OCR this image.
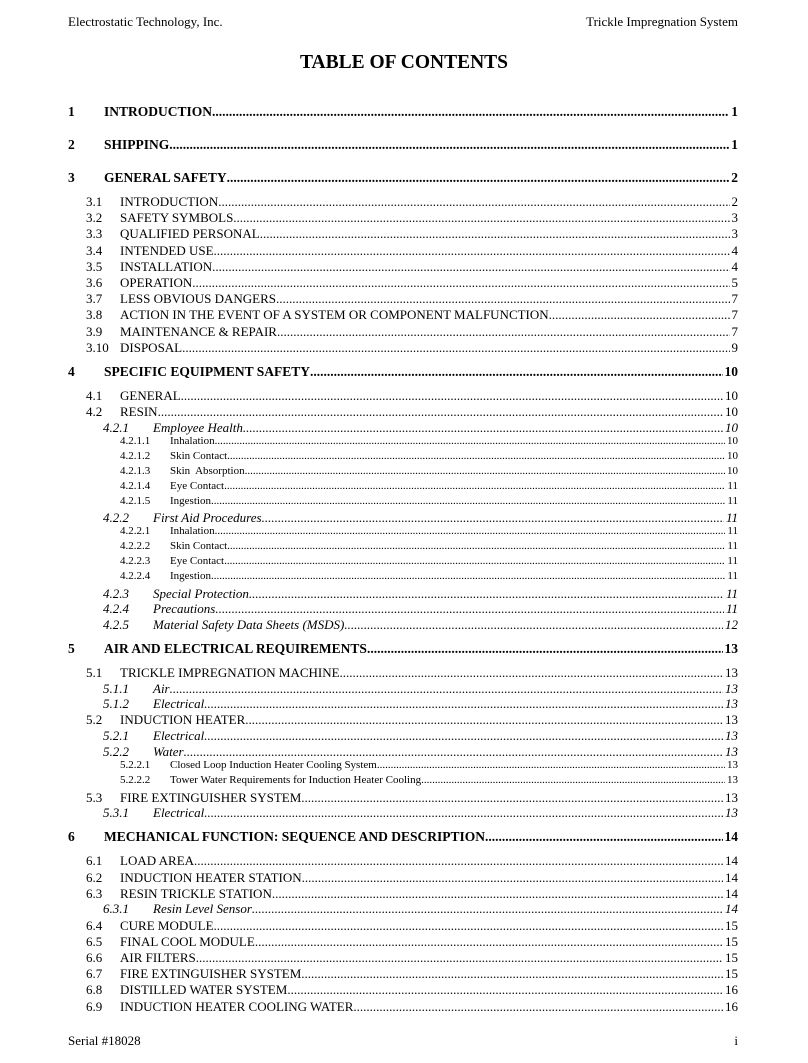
Electrostatic Technology, Inc.	Trickle Impregnation System
TABLE OF CONTENTS
1 INTRODUCTION .....	1
2 SHIPPING .....	1
3 GENERAL SAFETY .....	2
3.1 INTRODUCTION .....	2
3.2 SAFETY SYMBOLS .....	3
3.3 QUALIFIED PERSONAL .....	3
3.4 INTENDED USE .....	4
3.5 INSTALLATION .....	4
3.6 OPERATION .....	5
3.7 LESS OBVIOUS DANGERS .....	7
3.8 ACTION IN THE EVENT OF A SYSTEM OR COMPONENT MALFUNCTION .....	7
3.9 MAINTENANCE & REPAIR .....	7
3.10 DISPOSAL .....	9
4 SPECIFIC EQUIPMENT SAFETY .....	10
4.1 GENERAL .....	10
4.2 RESIN .....	10
4.2.1 Employee Health .....	10
4.2.1.1 Inhalation .....	10
4.2.1.2 Skin Contact .....	10
4.2.1.3 Skin  Absorption .....	10
4.2.1.4 Eye Contact .....	11
4.2.1.5 Ingestion .....	11
4.2.2 First Aid Procedures .....	11
4.2.2.1 Inhalation .....	11
4.2.2.2 Skin Contact .....	11
4.2.2.3 Eye Contact .....	11
4.2.2.4 Ingestion .....	11
4.2.3 Special Protection .....	11
4.2.4 Precautions .....	11
4.2.5 Material Safety Data Sheets (MSDS) .....	12
5 AIR AND ELECTRICAL REQUIREMENTS .....	13
5.1 TRICKLE IMPREGNATION MACHINE .....	13
5.1.1 Air .....	13
5.1.2 Electrical .....	13
5.2 INDUCTION HEATER .....	13
5.2.1 Electrical .....	13
5.2.2 Water .....	13
5.2.2.1 Closed Loop Induction Heater Cooling System .....	13
5.2.2.2 Tower Water Requirements for Induction Heater Cooling .....	13
5.3 FIRE EXTINGUISHER SYSTEM .....	13
5.3.1 Electrical .....	13
6 MECHANICAL FUNCTION: SEQUENCE AND DESCRIPTION .....	14
6.1 LOAD AREA .....	14
6.2 INDUCTION HEATER STATION .....	14
6.3 RESIN TRICKLE STATION .....	14
6.3.1 Resin Level Sensor .....	14
6.4 CURE MODULE .....	15
6.5 FINAL COOL MODULE .....	15
6.6 AIR FILTERS .....	15
6.7 FIRE EXTINGUISHER SYSTEM .....	15
6.8 DISTILLED WATER SYSTEM .....	16
6.9 INDUCTION HEATER COOLING WATER .....	16
Serial #18028	i
